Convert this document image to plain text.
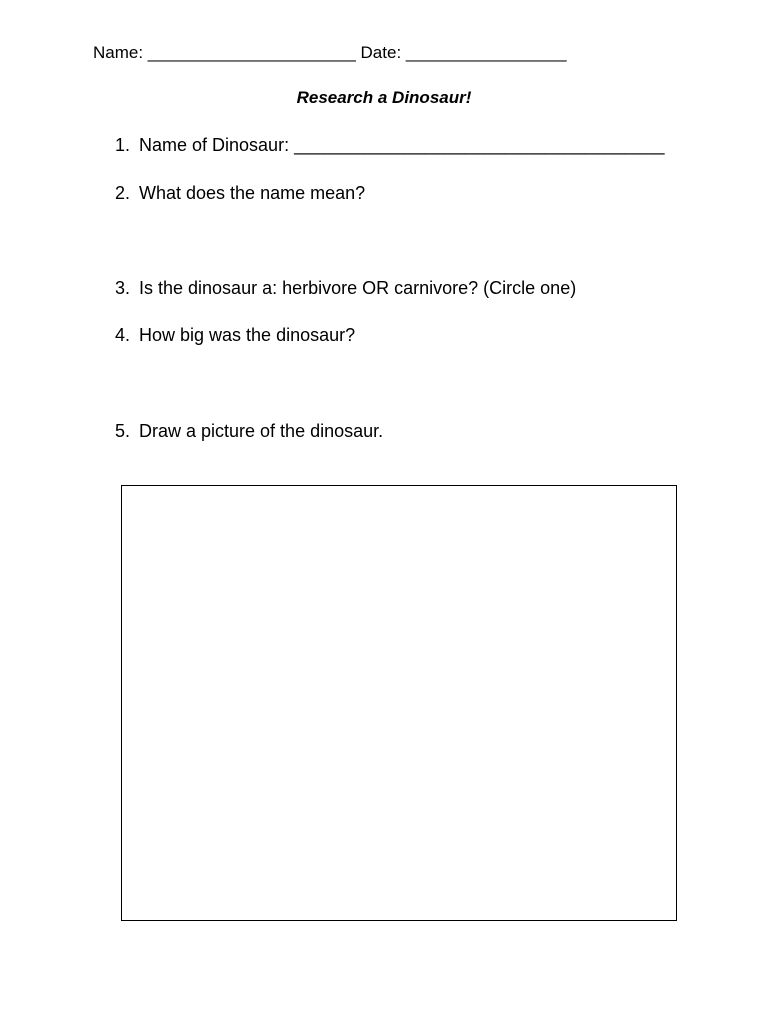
Name: ______________________ Date: _________________
Research a Dinosaur!
1. Name of Dinosaur: _____________________________________
2. What does the name mean?
3. Is the dinosaur a: herbivore OR carnivore? (Circle one)
4. How big was the dinosaur?
5. Draw a picture of the dinosaur.
